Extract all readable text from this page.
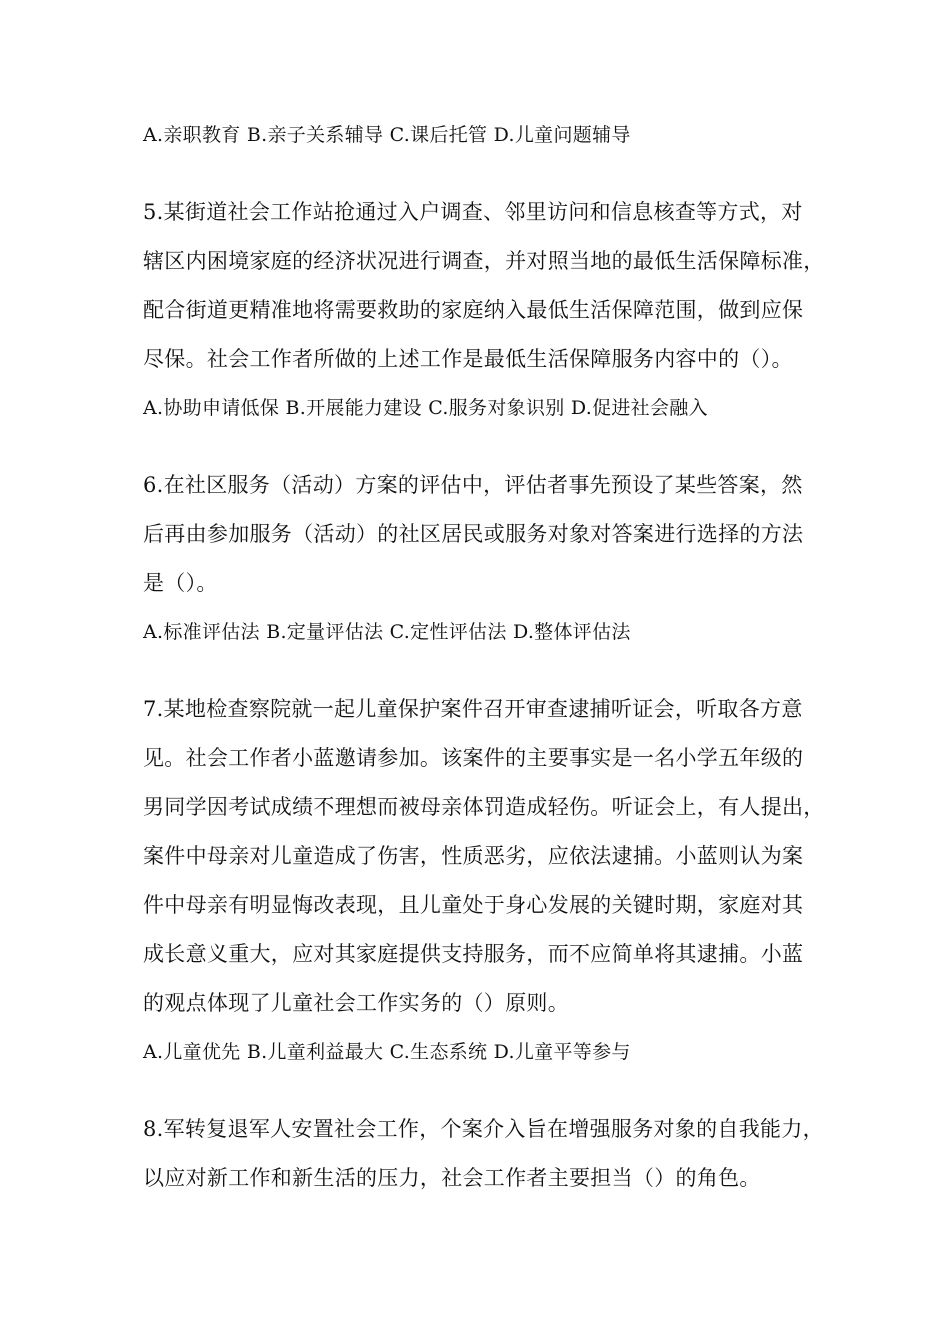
A.亲职教育 B.亲子关系辅导 C.课后托管 D.儿童问题辅导
5.某街道社会工作站抢通过入户调查、邻里访问和信息核查等方式，对
辖区内困境家庭的经济状况进行调查，并对照当地的最低生活保障标准，
配合街道更精准地将需要救助的家庭纳入最低生活保障范围，做到应保
尽保。社会工作者所做的上述工作是最低生活保障服务内容中的（）。
A.协助申请低保 B.开展能力建设 C.服务对象识别 D.促进社会融入
6.在社区服务（活动）方案的评估中，评估者事先预设了某些答案，然
后再由参加服务（活动）的社区居民或服务对象对答案进行选择的方法
是（）。
A.标准评估法 B.定量评估法 C.定性评估法 D.整体评估法
7.某地检查察院就一起儿童保护案件召开审查逮捕听证会，听取各方意
见。社会工作者小蓝邀请参加。该案件的主要事实是一名小学五年级的
男同学因考试成绩不理想而被母亲体罚造成轻伤。听证会上，有人提出，
案件中母亲对儿童造成了伤害，性质恶劣，应依法逮捕。小蓝则认为案
件中母亲有明显悔改表现，且儿童处于身心发展的关键时期，家庭对其
成长意义重大，应对其家庭提供支持服务，而不应简单将其逮捕。小蓝
的观点体现了儿童社会工作实务的（）原则。
A.儿童优先 B.儿童利益最大 C.生态系统 D.儿童平等参与
8.军转复退军人安置社会工作，个案介入旨在增强服务对象的自我能力，
以应对新工作和新生活的压力，社会工作者主要担当（）的角色。
